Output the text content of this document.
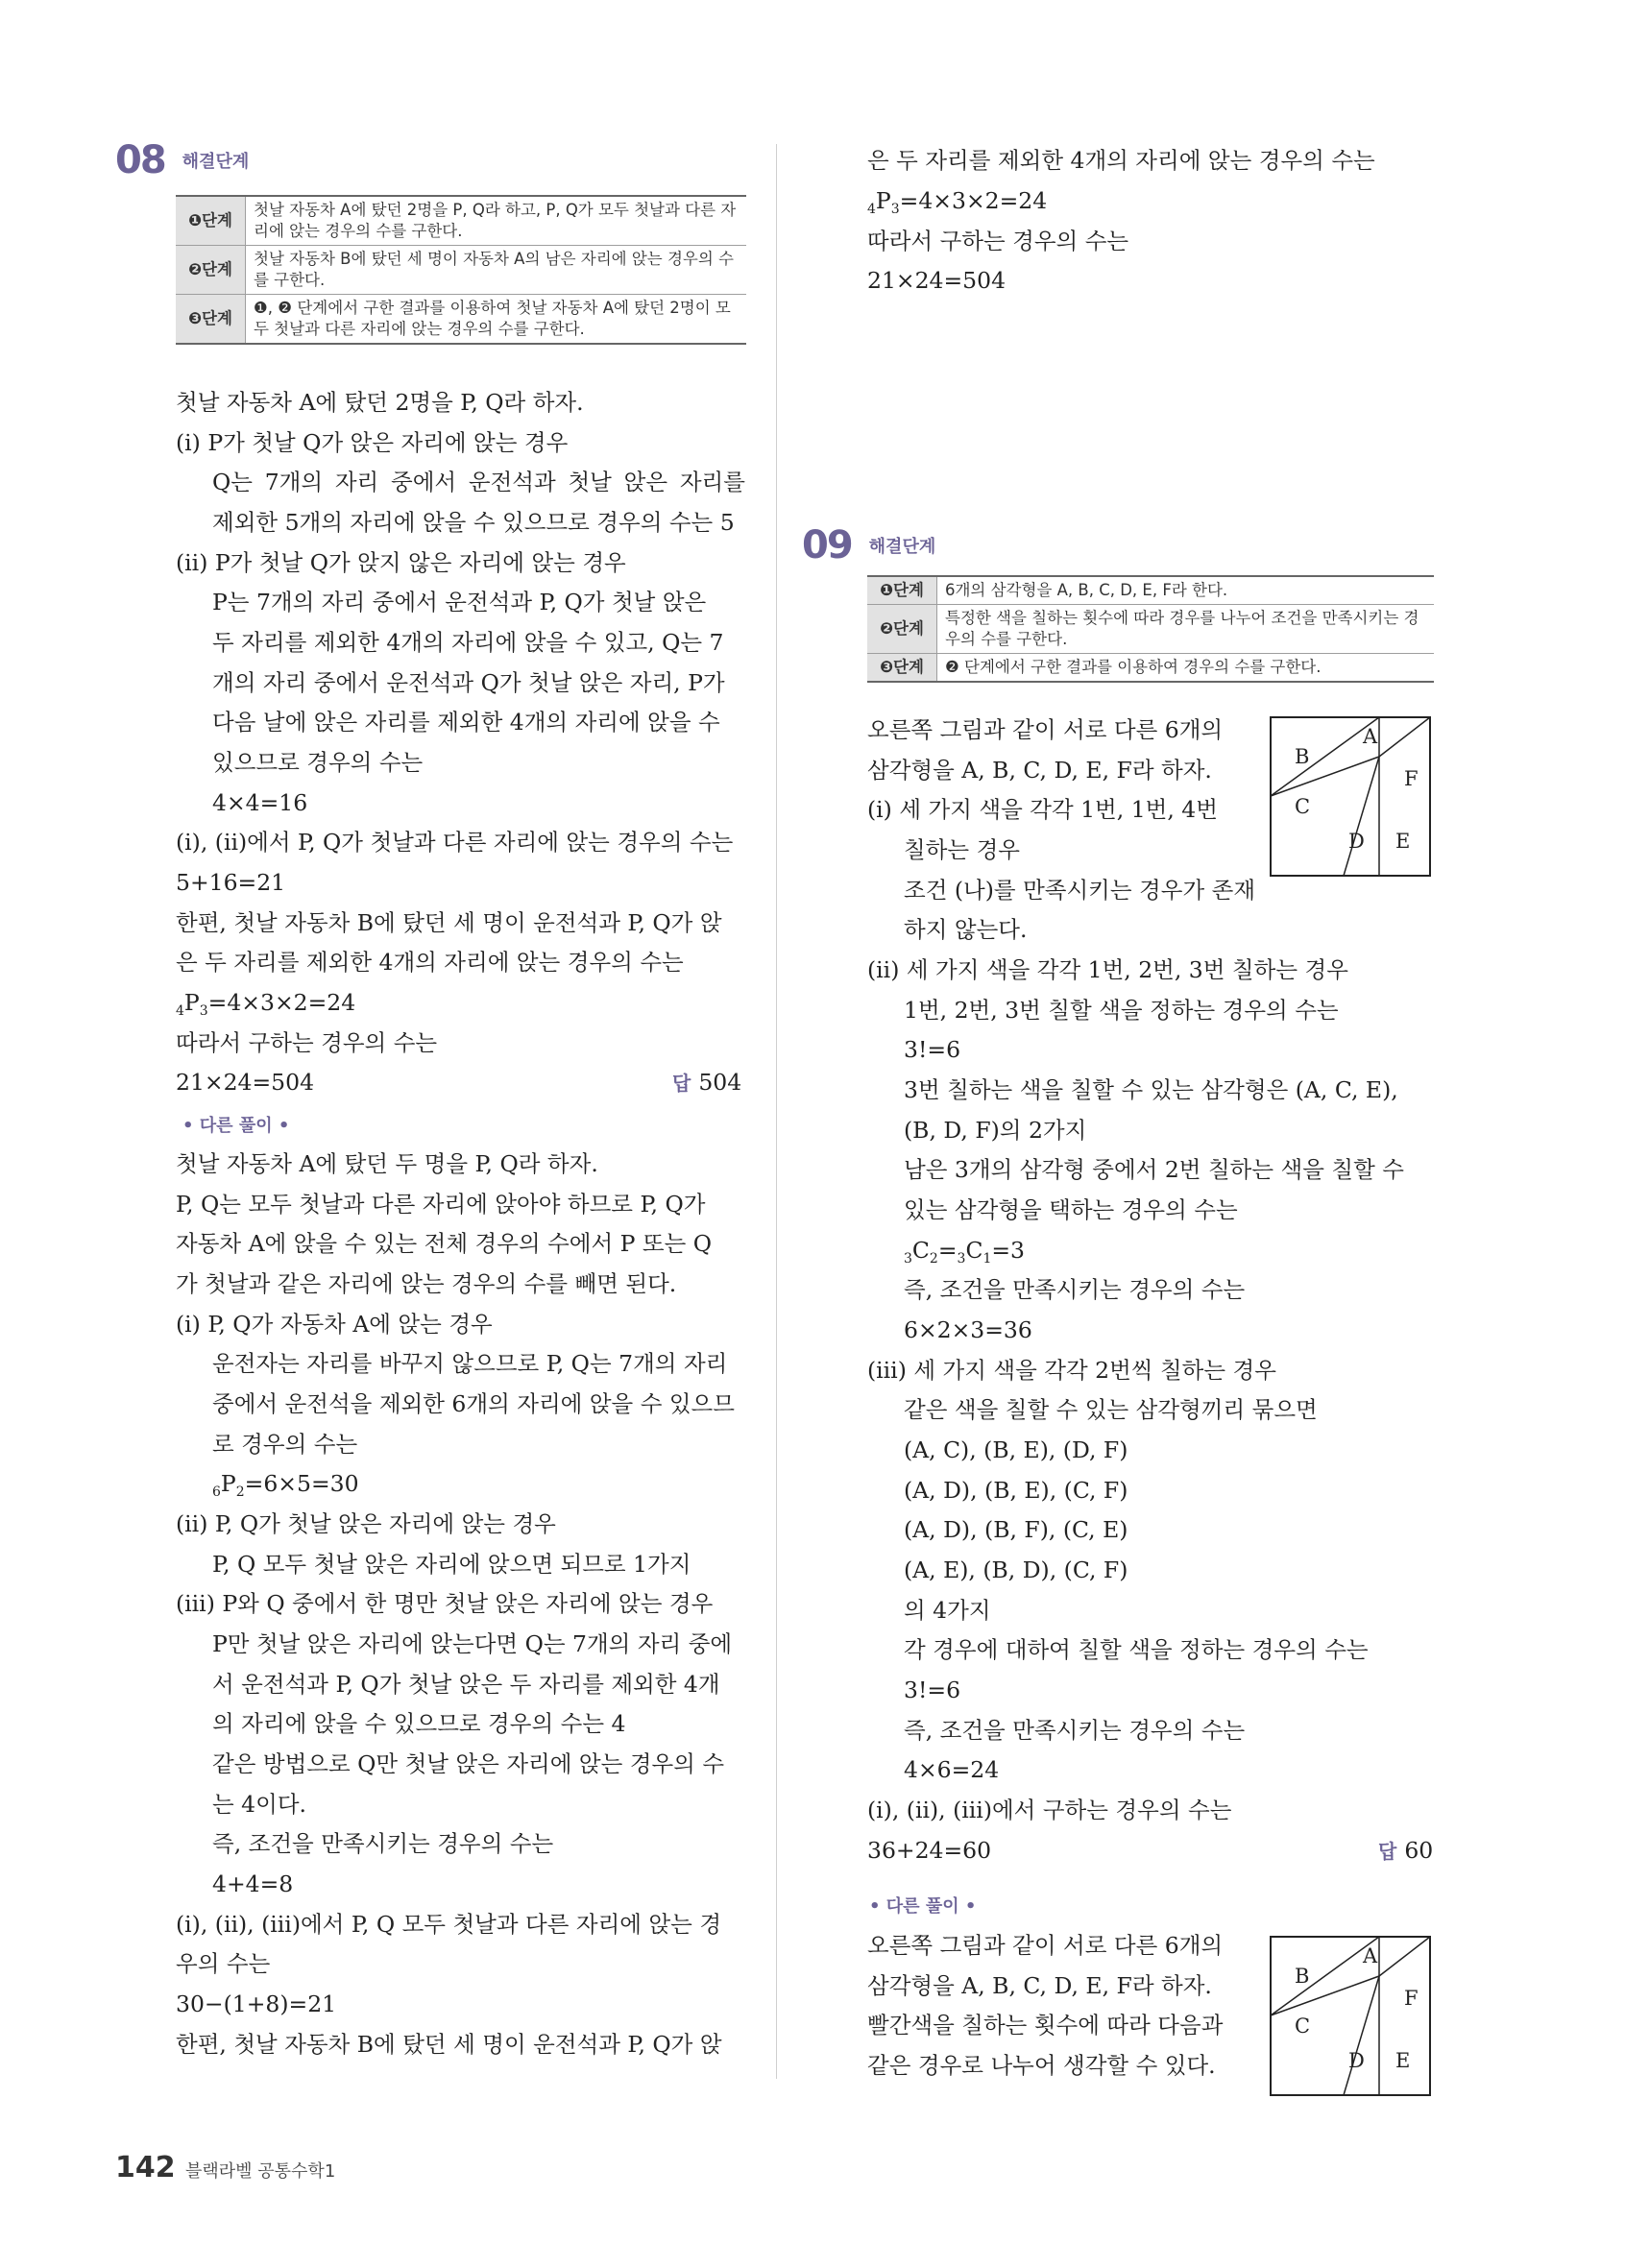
08 해결단계
❶단계	첫날 자동차 A에 탔던 2명을 P, Q라 하고, P, Q가 모두 첫날과 다른 자리에 앉는 경우의 수를 구한다.
❷단계	첫날 자동차 B에 탔던 세 명이 자동차 A의 남은 자리에 앉는 경우의 수를 구한다.
❸단계	❶, ❷ 단계에서 구한 결과를 이용하여 첫날 자동차 A에 탔던 2명이 모두 첫날과 다른 자리에 앉는 경우의 수를 구한다.
첫날 자동차 A에 탔던 2명을 P, Q라 하자.
(ⅰ) P가 첫날 Q가 앉은 자리에 앉는 경우
Q는 7개의 자리 중에서 운전석과 첫날 앉은 자리를
제외한 5개의 자리에 앉을 수 있으므로 경우의 수는 5
(ⅱ) P가 첫날 Q가 앉지 않은 자리에 앉는 경우
P는 7개의 자리 중에서 운전석과 P, Q가 첫날 앉은
두 자리를 제외한 4개의 자리에 앉을 수 있고, Q는 7
개의 자리 중에서 운전석과 Q가 첫날 앉은 자리, P가
다음 날에 앉은 자리를 제외한 4개의 자리에 앉을 수
있으므로 경우의 수는
4×4=16
(ⅰ), (ⅱ)에서 P, Q가 첫날과 다른 자리에 앉는 경우의 수는
5+16=21
한편, 첫날 자동차 B에 탔던 세 명이 운전석과 P, Q가 앉
은 두 자리를 제외한 4개의 자리에 앉는 경우의 수는
$_4P_3=4\times 3\times 2=24$
따라서 구하는 경우의 수는
21×24=504	답 504
• 다른 풀이 •
첫날 자동차 A에 탔던 두 명을 P, Q라 하자.
P, Q는 모두 첫날과 다른 자리에 앉아야 하므로 P, Q가
자동차 A에 앉을 수 있는 전체 경우의 수에서 P 또는 Q
가 첫날과 같은 자리에 앉는 경우의 수를 빼면 된다.
(ⅰ) P, Q가 자동차 A에 앉는 경우
운전자는 자리를 바꾸지 않으므로 P, Q는 7개의 자리
중에서 운전석을 제외한 6개의 자리에 앉을 수 있으므
로 경우의 수는
$_6P_2=6\times 5=30$
(ⅱ) P, Q가 첫날 앉은 자리에 앉는 경우
P, Q 모두 첫날 앉은 자리에 앉으면 되므로 1가지
(ⅲ) P와 Q 중에서 한 명만 첫날 앉은 자리에 앉는 경우
P만 첫날 앉은 자리에 앉는다면 Q는 7개의 자리 중에
서 운전석과 P, Q가 첫날 앉은 두 자리를 제외한 4개
의 자리에 앉을 수 있으므로 경우의 수는 4
같은 방법으로 Q만 첫날 앉은 자리에 앉는 경우의 수
는 4이다.
즉, 조건을 만족시키는 경우의 수는
4+4=8
(ⅰ), (ⅱ), (ⅲ)에서 P, Q 모두 첫날과 다른 자리에 앉는 경
우의 수는
30−(1+8)=21
한편, 첫날 자동차 B에 탔던 세 명이 운전석과 P, Q가 앉
은 두 자리를 제외한 4개의 자리에 앉는 경우의 수는
$_4P_3=4\times 3\times 2=24$
따라서 구하는 경우의 수는
21×24=504
09 해결단계
❶단계	6개의 삼각형을 A, B, C, D, E, F라 한다.
❷단계	특정한 색을 칠하는 횟수에 따라 경우를 나누어 조건을 만족시키는 경우의 수를 구한다.
❸단계	❷ 단계에서 구한 결과를 이용하여 경우의 수를 구한다.
A
B
C
D E
F
오른쪽 그림과 같이 서로 다른 6개의
삼각형을 A, B, C, D, E, F라 하자.
(ⅰ) 세 가지 색을 각각 1번, 1번, 4번
칠하는 경우
조건 (나)를 만족시키는 경우가 존재
하지 않는다.
(ⅱ) 세 가지 색을 각각 1번, 2번, 3번 칠하는 경우
1번, 2번, 3번 칠할 색을 정하는 경우의 수는
3!=6
3번 칠하는 색을 칠할 수 있는 삼각형은 (A, C, E),
(B, D, F)의 2가지
남은 3개의 삼각형 중에서 2번 칠하는 색을 칠할 수
있는 삼각형을 택하는 경우의 수는
$_3C_2=_3C_1=3$
즉, 조건을 만족시키는 경우의 수는
6×2×3=36
(ⅲ) 세 가지 색을 각각 2번씩 칠하는 경우
같은 색을 칠할 수 있는 삼각형끼리 묶으면
(A, C), (B, E), (D, F)
(A, D), (B, E), (C, F)
(A, D), (B, F), (C, E)
(A, E), (B, D), (C, F)
의 4가지
각 경우에 대하여 칠할 색을 정하는 경우의 수는
3!=6
즉, 조건을 만족시키는 경우의 수는
4×6=24
(ⅰ), (ⅱ), (ⅲ)에서 구하는 경우의 수는
36+24=60	답 60
• 다른 풀이 •
오른쪽 그림과 같이 서로 다른 6개의
삼각형을 A, B, C, D, E, F라 하자.
빨간색을 칠하는 횟수에 따라 다음과
같은 경우로 나누어 생각할 수 있다.
A
B
C
D E
F
142 블랙라벨 공통수학1
